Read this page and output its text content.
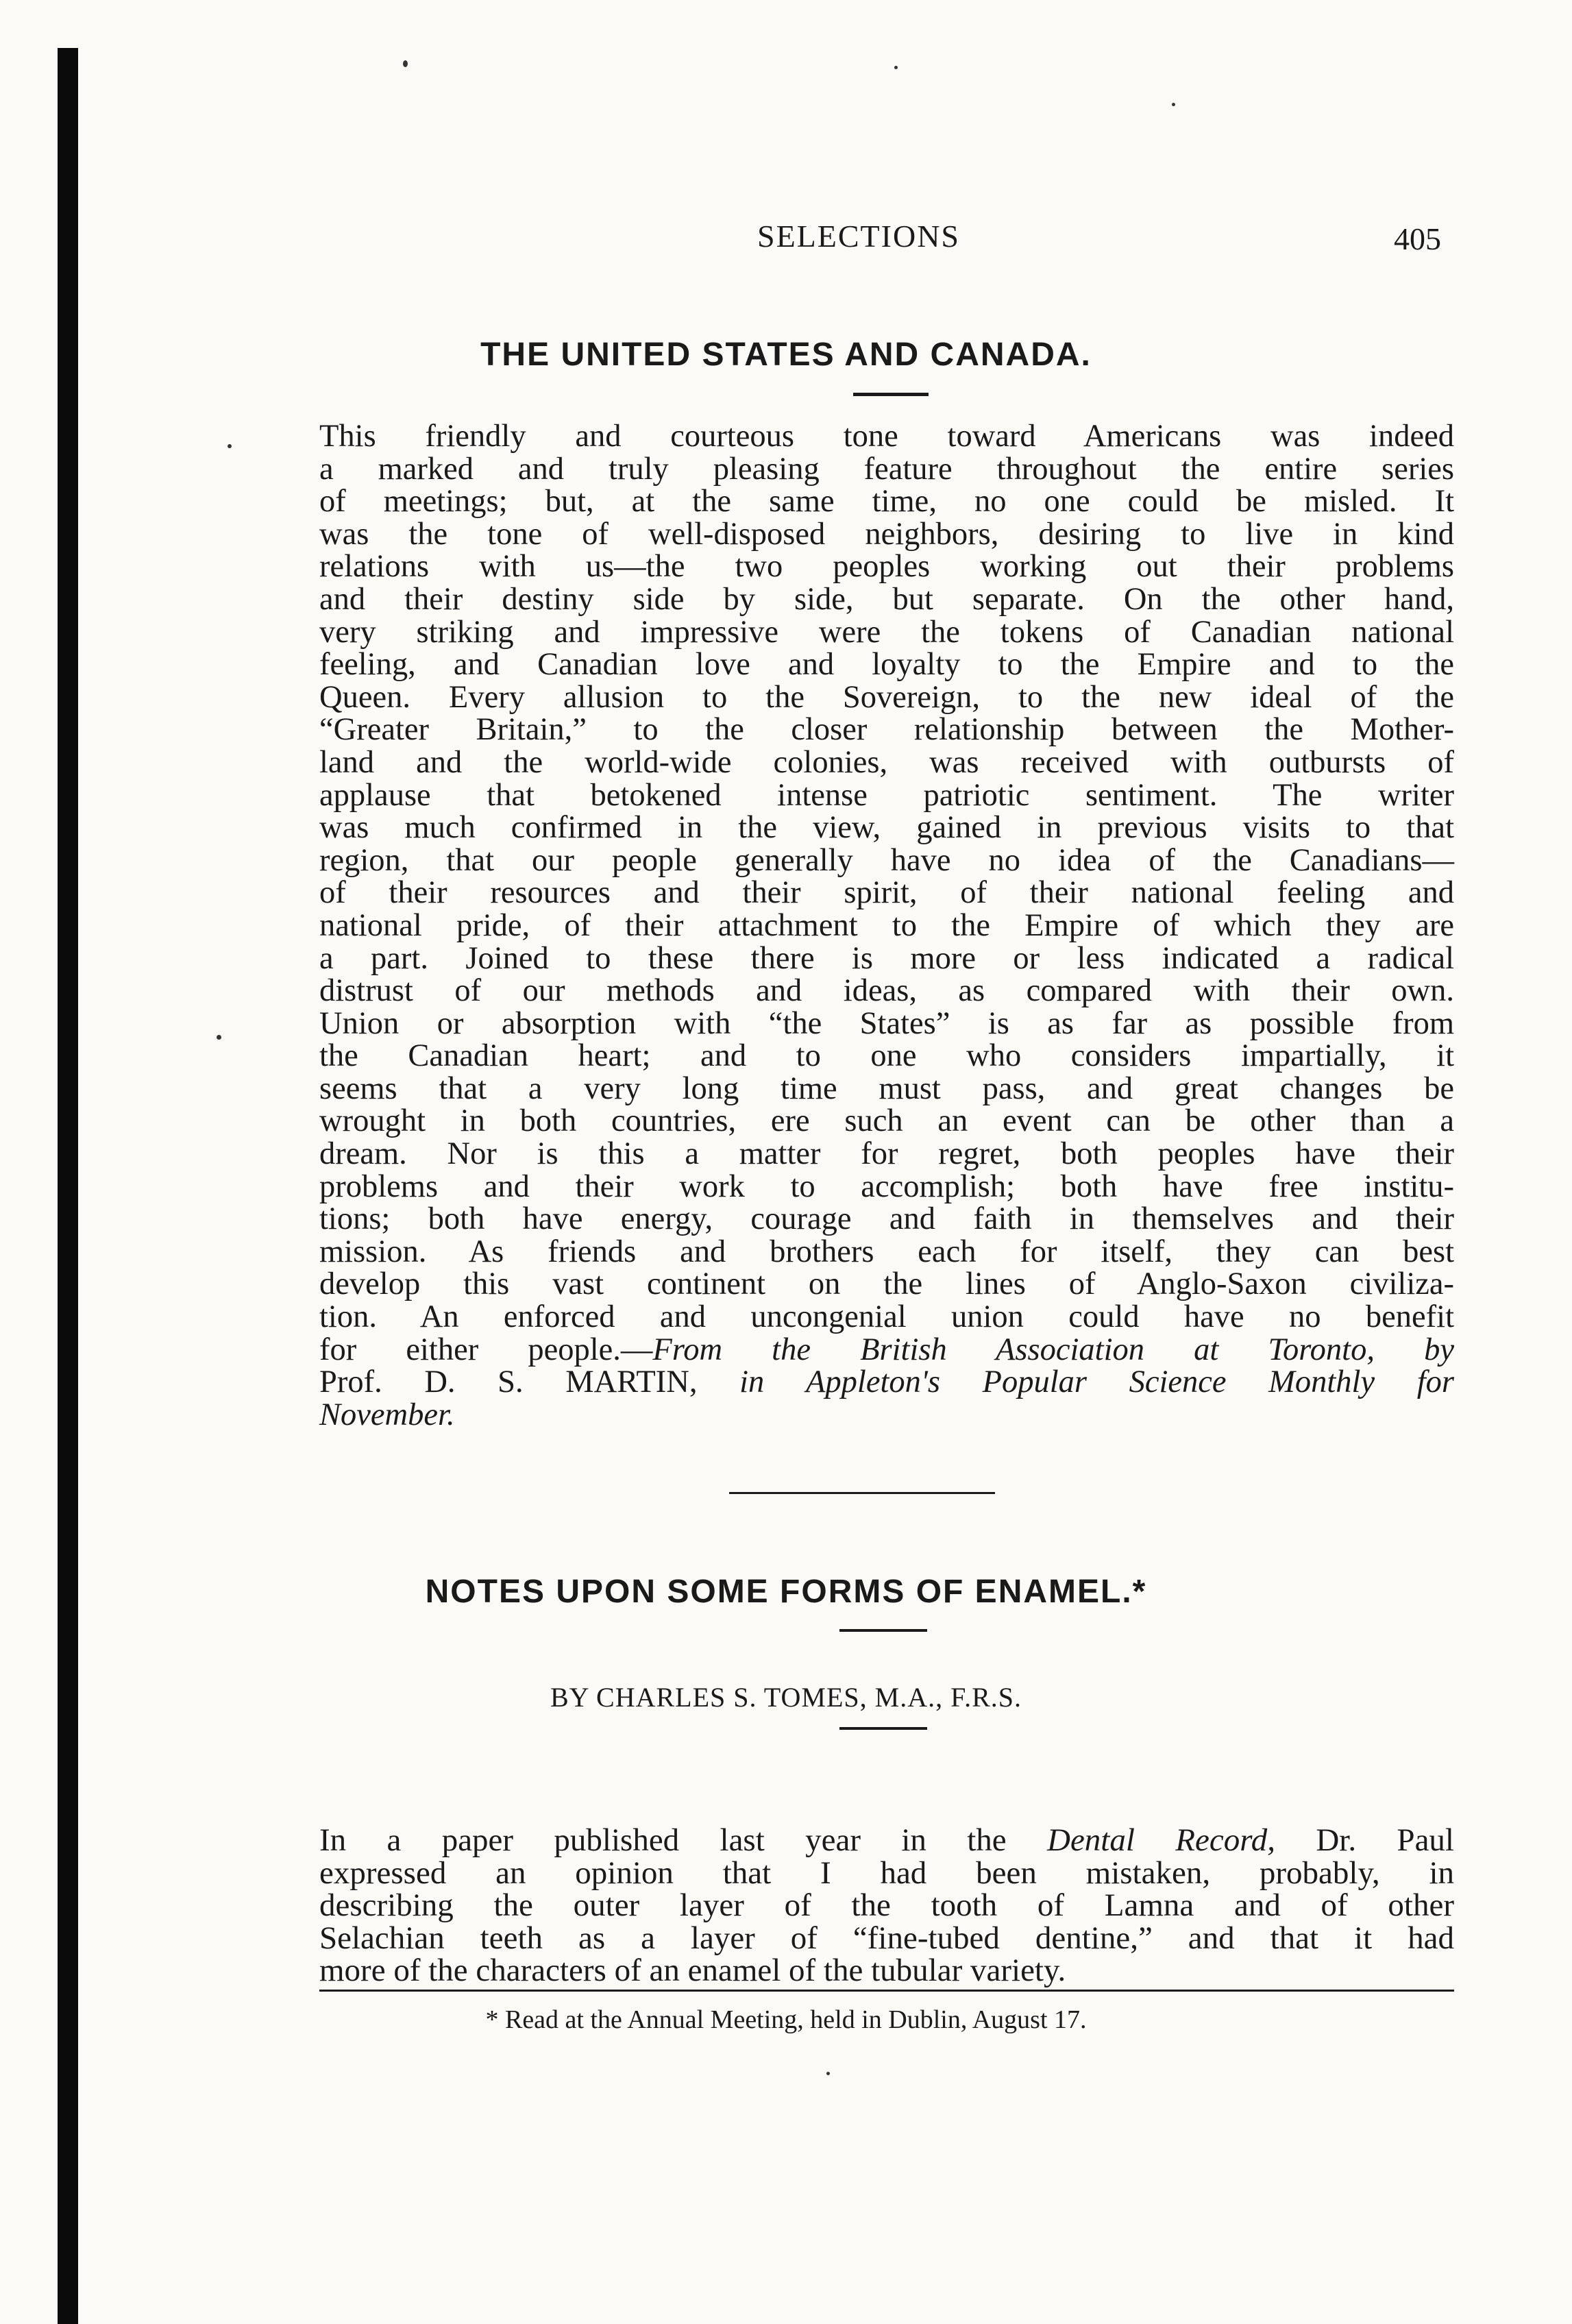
SELECTIONS	405
THE UNITED STATES AND CANADA.
This friendly and courteous tone toward Americans was indeed
a marked and truly pleasing feature throughout the entire series
of meetings; but, at the same time, no one could be misled. It
was the tone of well-disposed neighbors, desiring to live in kind
relations with us—the two peoples working out their problems
and their destiny side by side, but separate. On the other hand,
very striking and impressive were the tokens of Canadian national
feeling, and Canadian love and loyalty to the Empire and to the
Queen. Every allusion to the Sovereign, to the new ideal of the
“Greater Britain,” to the closer relationship between the Mother-
land and the world-wide colonies, was received with outbursts of
applause that betokened intense patriotic sentiment. The writer
was much confirmed in the view, gained in previous visits to that
region, that our people generally have no idea of the Canadians—
of their resources and their spirit, of their national feeling and
national pride, of their attachment to the Empire of which they are
a part. Joined to these there is more or less indicated a radical
distrust of our methods and ideas, as compared with their own.
Union or absorption with “the States” is as far as possible from
the Canadian heart; and to one who considers impartially, it
seems that a very long time must pass, and great changes be
wrought in both countries, ere such an event can be other than a
dream. Nor is this a matter for regret, both peoples have their
problems and their work to accomplish; both have free institu-
tions; both have energy, courage and faith in themselves and their
mission. As friends and brothers each for itself, they can best
develop this vast continent on the lines of Anglo-Saxon civiliza-
tion. An enforced and uncongenial union could have no benefit
for either people.—From the British Association at Toronto, by
Prof. D. S. MARTIN, in Appleton's Popular Science Monthly for
November.
NOTES UPON SOME FORMS OF ENAMEL.*
BY CHARLES S. TOMES, M.A., F.R.S.
In a paper published last year in the Dental Record, Dr. Paul
expressed an opinion that I had been mistaken, probably, in
describing the outer layer of the tooth of Lamna and of other
Selachian teeth as a layer of “fine-tubed dentine,” and that it had
more of the characters of an enamel of the tubular variety.
* Read at the Annual Meeting, held in Dublin, August 17.
